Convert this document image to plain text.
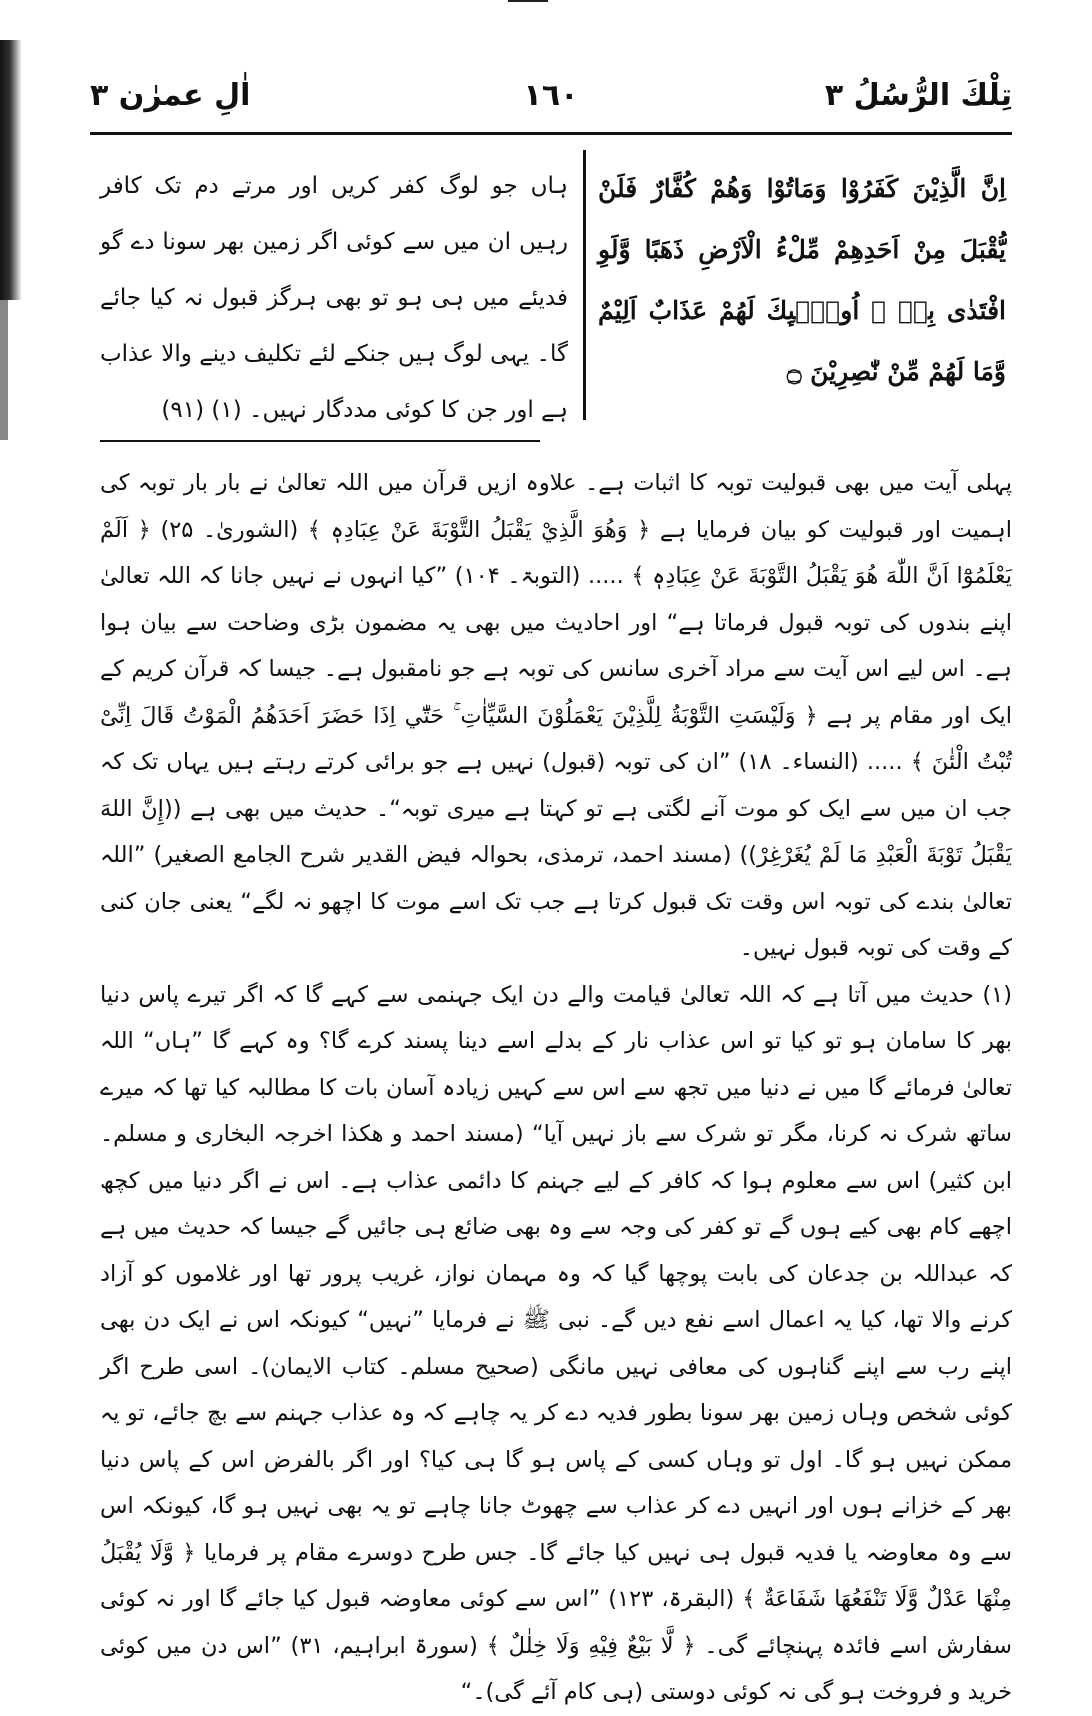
اٰلِ عمرٰن ٣	١٦٠	تِلْكَ الرُّسُلُ ٣

اِنَّ الَّذِيْنَ كَفَرُوْا وَمَاتُوْا وَهُمْ كُفَّارٌ فَلَنْ يُّقْبَلَ مِنْ اَحَدِهِمْ مِّلْءُ الْاَرْضِ ذَهَبًا وَّلَوِ افْتَدٰى بِهٖ ۭ اُولٰۗىِٕكَ لَهُمْ عَذَابٌ اَلِيْمٌ وَّمَا لَهُمْ مِّنْ نّٰصِرِيْنَ ۝

ہاں جو لوگ کفر کریں اور مرتے دم تک کافر رہیں ان میں سے کوئی اگر زمین بھر سونا دے گو فدیئے میں ہی ہو تو بھی ہرگز قبول نہ کیا جائے گا۔ یہی لوگ ہیں جنکے لئے تکلیف دینے والا عذاب ہے اور جن کا کوئی مددگار نہیں۔ (۱) (۹۱)

پہلی آیت میں بھی قبولیت توبہ کا اثبات ہے۔ علاوہ ازیں قرآن میں اللہ تعالیٰ نے بار بار توبہ کی اہمیت اور قبولیت کو بیان فرمایا ہے ﴿ وَهُوَ الَّذِيْ يَقْبَلُ التَّوْبَةَ عَنْ عِبَادِهٖ ﴾ (الشوریٰ۔ ۲۵) ﴿ اَلَمْ يَعْلَمُوْٓا اَنَّ اللّٰهَ هُوَ يَقْبَلُ التَّوْبَةَ عَنْ عِبَادِهٖ ﴾ ..... (التوبۃ۔ ۱۰۴) ”کیا انہوں نے نہیں جانا کہ اللہ تعالیٰ اپنے بندوں کی توبہ قبول فرماتا ہے“ اور احادیث میں بھی یہ مضمون بڑی وضاحت سے بیان ہوا ہے۔ اس لیے اس آیت سے مراد آخری سانس کی توبہ ہے جو نامقبول ہے۔ جیسا کہ قرآن کریم کے ایک اور مقام پر ہے ﴿ وَلَيْسَتِ التَّوْبَةُ لِلَّذِيْنَ يَعْمَلُوْنَ السَّيِّاٰتِ ۚ حَتّٰٓي اِذَا حَضَرَ اَحَدَهُمُ الْمَوْتُ قَالَ اِنِّىْ تُبْتُ الْئٰنَ ﴾ ..... (النساء۔ ۱۸) ”ان کی توبہ (قبول) نہیں ہے جو برائی کرتے رہتے ہیں یہاں تک کہ جب ان میں سے ایک کو موت آنے لگتی ہے تو کہتا ہے میری توبہ“۔ حدیث میں بھی ہے ((إِنَّ اللهَ يَقْبَلُ تَوْبَةَ الْعَبْدِ مَا لَمْ يُغَرْغِرْ)) (مسند احمد، ترمذی، بحوالہ فیض القدیر شرح الجامع الصغیر) ”اللہ تعالیٰ بندے کی توبہ اس وقت تک قبول کرتا ہے جب تک اسے موت کا اچھو نہ لگے“ یعنی جان کنی کے وقت کی توبہ قبول نہیں۔

(۱) حدیث میں آتا ہے کہ اللہ تعالیٰ قیامت والے دن ایک جہنمی سے کہے گا کہ اگر تیرے پاس دنیا بھر کا سامان ہو تو کیا تو اس عذاب نار کے بدلے اسے دینا پسند کرے گا؟ وہ کہے گا ”ہاں“ اللہ تعالیٰ فرمائے گا میں نے دنیا میں تجھ سے اس سے کہیں زیادہ آسان بات کا مطالبہ کیا تھا کہ میرے ساتھ شرک نہ کرنا، مگر تو شرک سے باز نہیں آیا“ (مسند احمد و ھکذا اخرجہ البخاری و مسلم۔ ابن کثیر) اس سے معلوم ہوا کہ کافر کے لیے جہنم کا دائمی عذاب ہے۔ اس نے اگر دنیا میں کچھ اچھے کام بھی کیے ہوں گے تو کفر کی وجہ سے وہ بھی ضائع ہی جائیں گے جیسا کہ حدیث میں ہے کہ عبداللہ بن جدعان کی بابت پوچھا گیا کہ وہ مہمان نواز، غریب پرور تھا اور غلاموں کو آزاد کرنے والا تھا، کیا یہ اعمال اسے نفع دیں گے۔ نبی ﷺ نے فرمایا ”نہیں“ کیونکہ اس نے ایک دن بھی اپنے رب سے اپنے گناہوں کی معافی نہیں مانگی (صحیح مسلم۔ کتاب الایمان)۔ اسی طرح اگر کوئی شخص وہاں زمین بھر سونا بطور فدیہ دے کر یہ چاہے کہ وہ عذاب جہنم سے بچ جائے، تو یہ ممکن نہیں ہو گا۔ اول تو وہاں کسی کے پاس ہو گا ہی کیا؟ اور اگر بالفرض اس کے پاس دنیا بھر کے خزانے ہوں اور انہیں دے کر عذاب سے چھوٹ جانا چاہے تو یہ بھی نہیں ہو گا، کیونکہ اس سے وہ معاوضہ یا فدیہ قبول ہی نہیں کیا جائے گا۔ جس طرح دوسرے مقام پر فرمایا ﴿ وَّلَا يُقْبَلُ مِنْهَا عَدْلٌ وَّلَا تَنْفَعُهَا شَفَاعَةٌ ﴾ (البقرۃ، ۱۲۳) ”اس سے کوئی معاوضہ قبول کیا جائے گا اور نہ کوئی سفارش اسے فائدہ پہنچائے گی۔ ﴿ لَّا بَيْعٌ فِيْهِ وَلَا خِلٰلٌ ﴾ (سورۃ ابراہیم، ۳۱) ”اس دن میں کوئی خرید و فروخت ہو گی نہ کوئی دوستی (ہی کام آئے گی)۔“
